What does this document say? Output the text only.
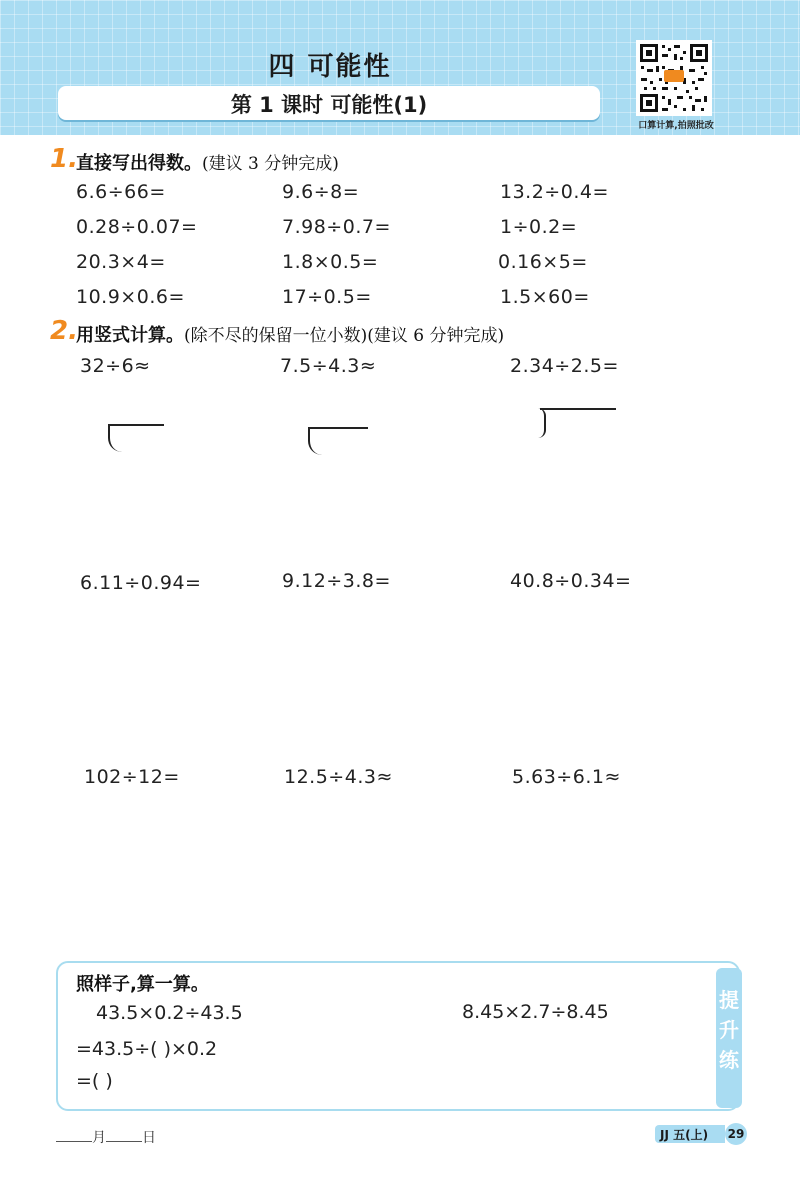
四 可能性
第 1 课时 可能性(1)
口算计算,拍照批改
1.
直接写出得数。(建议 3 分钟完成)
6.6÷66=	9.6÷8=	13.2÷0.4=
0.28÷0.07=	7.98÷0.7=	1÷0.2=
20.3×4=	1.8×0.5=	0.16×5=
10.9×0.6=	17÷0.5=	1.5×60=
2.
用竖式计算。(除不尽的保留一位小数)(建议 6 分钟完成)
32÷6≈	7.5÷4.3≈	2.34÷2.5=
6.11÷0.94=	9.12÷3.8=	40.8÷0.34=
102÷12=	12.5÷4.3≈	5.63÷6.1≈
照样子,算一算。
43.5×0.2÷43.5
=43.5÷( )×0.2
=( )
8.45×2.7÷8.45	提
升
练
月	日	JJ 五(上) 29
